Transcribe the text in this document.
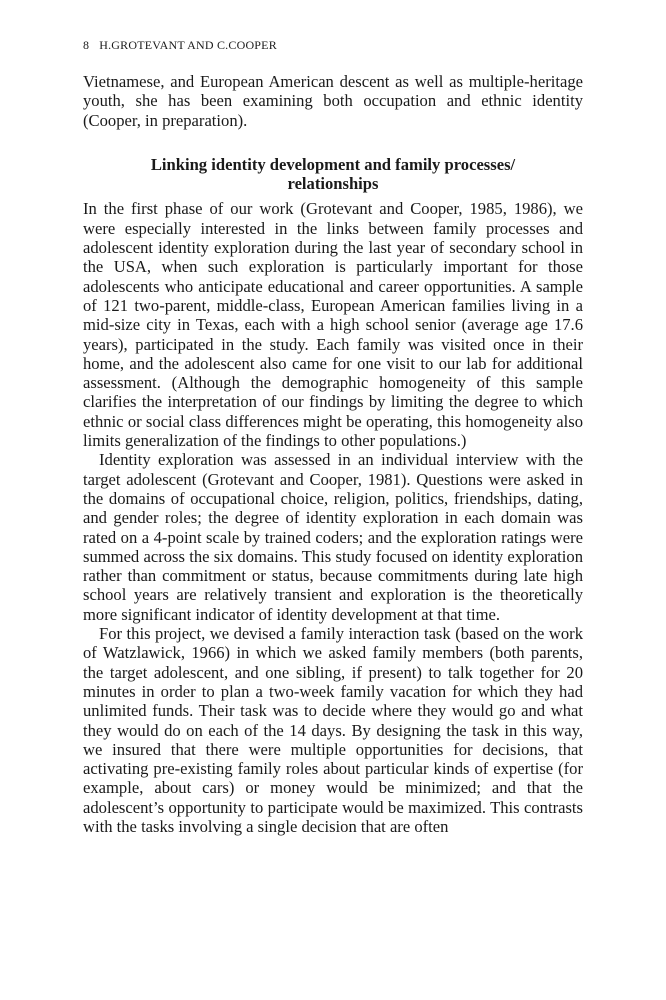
8 H.GROTEVANT AND C.COOPER

Vietnamese, and European American descent as well as multiple-heritage youth, she has been examining both occupation and ethnic identity (Cooper, in preparation).

Linking identity development and family processes/ relationships

In the first phase of our work (Grotevant and Cooper, 1985, 1986), we were especially interested in the links between family processes and adolescent identity exploration during the last year of secondary school in the USA, when such exploration is particularly important for those adolescents who anticipate educational and career opportunities. A sample of 121 two-parent, middle-class, European American families living in a mid-size city in Texas, each with a high school senior (average age 17.6 years), participated in the study. Each family was visited once in their home, and the adolescent also came for one visit to our lab for additional assessment. (Although the demographic homogeneity of this sample clarifies the interpretation of our findings by limiting the degree to which ethnic or social class differences might be operating, this homogeneity also limits generalization of the findings to other populations.)

Identity exploration was assessed in an individual interview with the target adolescent (Grotevant and Cooper, 1981). Questions were asked in the domains of occupational choice, religion, politics, friendships, dating, and gender roles; the degree of identity exploration in each domain was rated on a 4-point scale by trained coders; and the exploration ratings were summed across the six domains. This study focused on identity exploration rather than commitment or status, because commitments during late high school years are relatively transient and exploration is the theoretically more significant indicator of identity development at that time.

For this project, we devised a family interaction task (based on the work of Watzlawick, 1966) in which we asked family members (both parents, the target adolescent, and one sibling, if present) to talk together for 20 minutes in order to plan a two-week family vacation for which they had unlimited funds. Their task was to decide where they would go and what they would do on each of the 14 days. By designing the task in this way, we insured that there were multiple opportunities for decisions, that activating pre-existing family roles about particular kinds of expertise (for example, about cars) or money would be minimized; and that the adolescent’s opportunity to participate would be maximized. This contrasts with the tasks involving a single decision that are often
